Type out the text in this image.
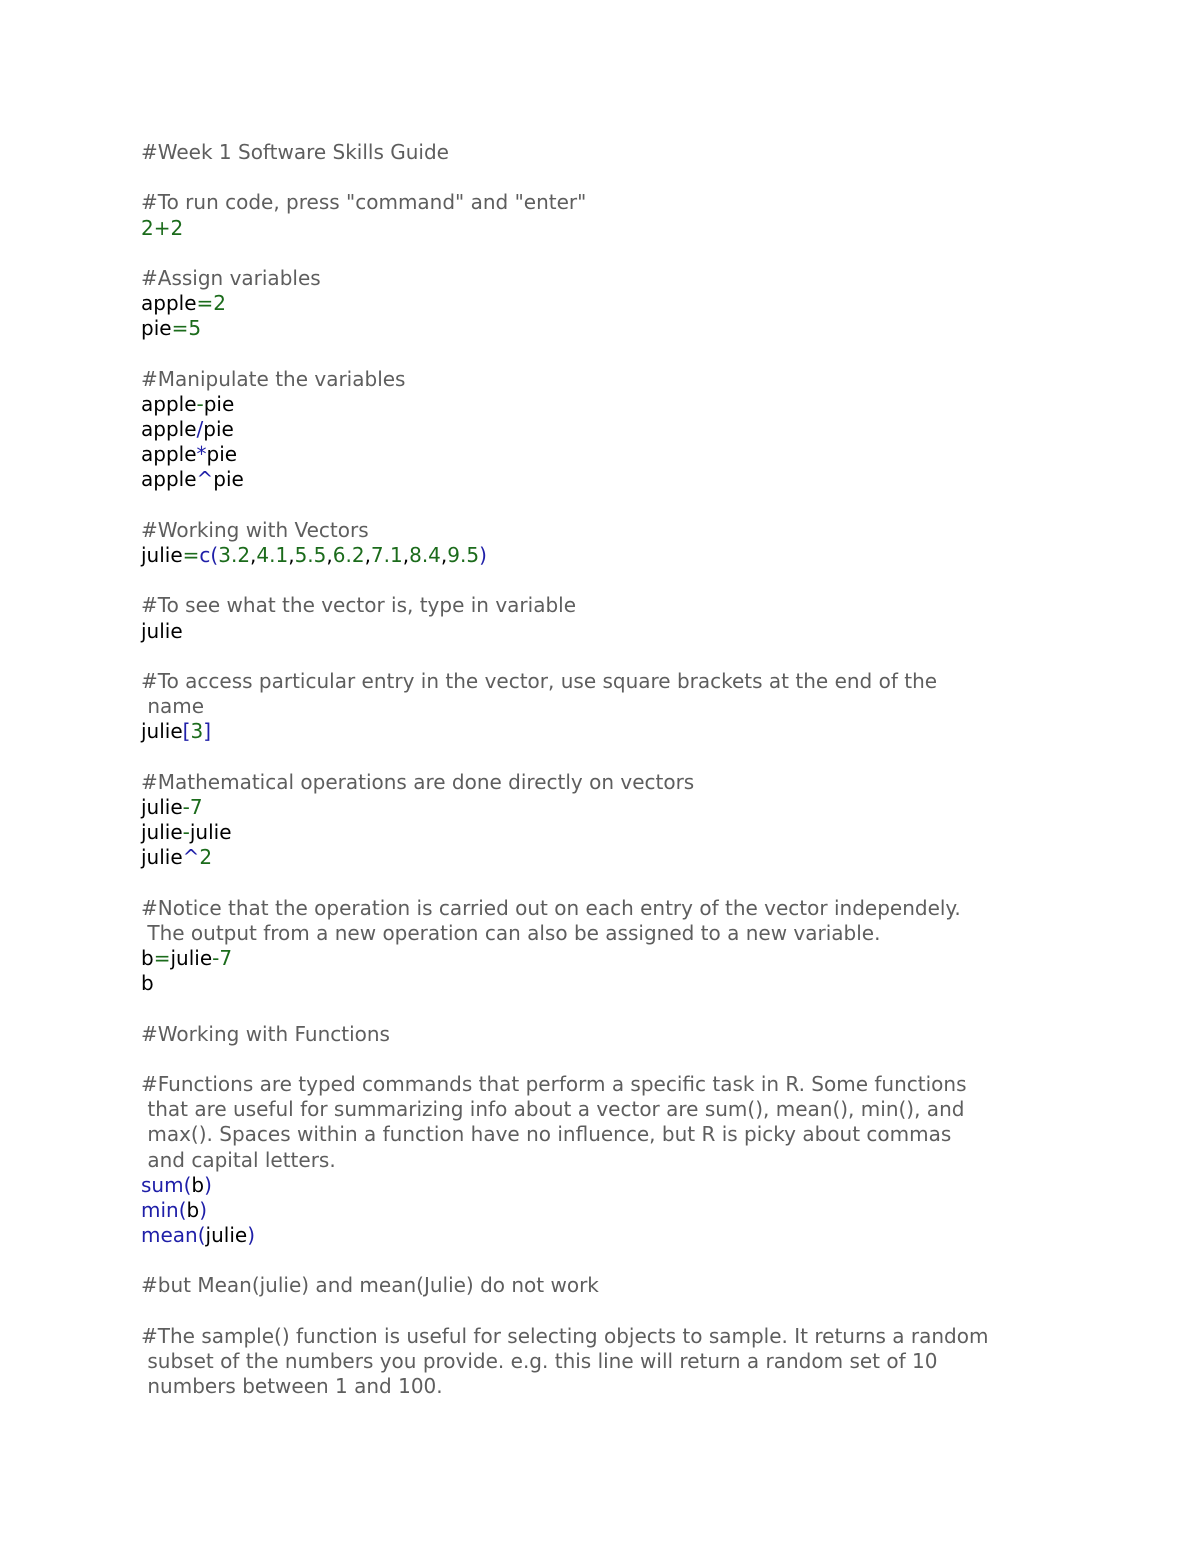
#Week 1 Software Skills Guide
#To run code, press "command" and "enter"
2+2
#Assign variables
apple=2
pie=5
#Manipulate the variables
apple-pie
apple/pie
apple*pie
apple^pie
#Working with Vectors
julie=c(3.2,4.1,5.5,6.2,7.1,8.4,9.5)
#To see what the vector is, type in variable
julie
#To access particular entry in the vector, use square brackets at the end of the
name
julie[3]
#Mathematical operations are done directly on vectors
julie-7
julie-julie
julie^2
#Notice that the operation is carried out on each entry of the vector independely.
The output from a new operation can also be assigned to a new variable.
b=julie-7
b
#Working with Functions
#Functions are typed commands that perform a specific task in R. Some functions
that are useful for summarizing info about a vector are sum(), mean(), min(), and
max(). Spaces within a function have no influence, but R is picky about commas
and capital letters.
sum(b)
min(b)
mean(julie)
#but Mean(julie) and mean(Julie) do not work
#The sample() function is useful for selecting objects to sample. It returns a random
subset of the numbers you provide. e.g. this line will return a random set of 10
numbers between 1 and 100.
